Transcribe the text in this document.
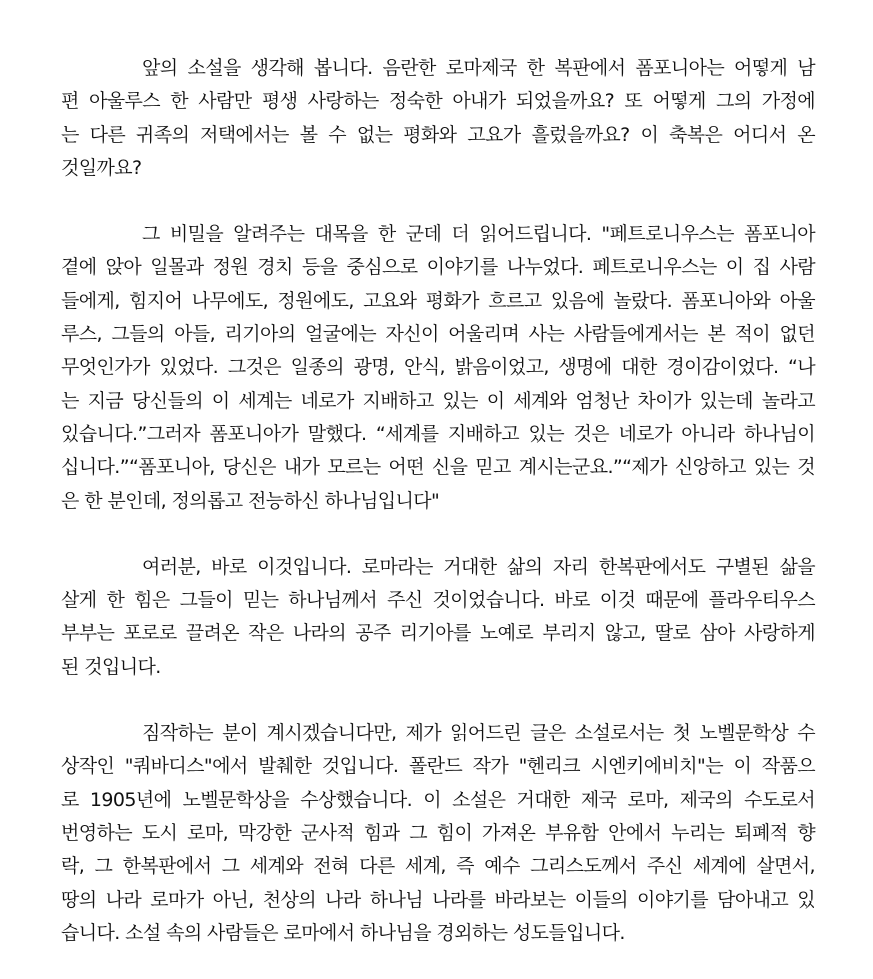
앞의 소설을 생각해 봅니다. 음란한 로마제국 한 복판에서 폼포니아는 어떻게 남
편 아울루스 한 사람만 평생 사랑하는 정숙한 아내가 되었을까요? 또 어떻게 그의 가정에
는 다른 귀족의 저택에서는 볼 수 없는 평화와 고요가 흘렀을까요? 이 축복은 어디서 온
것일까요?
그 비밀을 알려주는 대목을 한 군데 더 읽어드립니다. "페트로니우스는 폼포니아
곁에 앉아 일몰과 정원 경치 등을 중심으로 이야기를 나누었다. 페트로니우스는 이 집 사람
들에게, 힘지어 나무에도, 정원에도, 고요와 평화가 흐르고 있음에 놀랐다. 폼포니아와 아울
루스, 그들의 아들, 리기아의 얼굴에는 자신이 어울리며 사는 사람들에게서는 본 적이 없던
무엇인가가 있었다. 그것은 일종의 광명, 안식, 밝음이었고, 생명에 대한 경이감이었다. “나
는 지금 당신들의 이 세계는 네로가 지배하고 있는 이 세계와 엄청난 차이가 있는데 놀라고
있습니다.”그러자 폼포니아가 말했다. “세계를 지배하고 있는 것은 네로가 아니라 하나님이
십니다.”“폼포니아, 당신은 내가 모르는 어떤 신을 믿고 계시는군요.”“제가 신앙하고 있는 것
은 한 분인데, 정의롭고 전능하신 하나님입니다"
여러분, 바로 이것입니다. 로마라는 거대한 삶의 자리 한복판에서도 구별된 삶을
살게 한 힘은 그들이 믿는 하나님께서 주신 것이었습니다. 바로 이것 때문에 플라우티우스
부부는 포로로 끌려온 작은 나라의 공주 리기아를 노예로 부리지 않고, 딸로 삼아 사랑하게
된 것입니다.
짐작하는 분이 계시겠습니다만, 제가 읽어드린 글은 소설로서는 첫 노벨문학상 수
상작인 "쿼바디스"에서 발췌한 것입니다. 폴란드 작가 "헨리크 시엔키에비치"는 이 작품으
로 1905년에 노벨문학상을 수상했습니다. 이 소설은 거대한 제국 로마, 제국의 수도로서
번영하는 도시 로마, 막강한 군사적 힘과 그 힘이 가져온 부유함 안에서 누리는 퇴폐적 향
락, 그 한복판에서 그 세계와 전혀 다른 세계, 즉 예수 그리스도께서 주신 세계에 살면서,
땅의 나라 로마가 아닌, 천상의 나라 하나님 나라를 바라보는 이들의 이야기를 담아내고 있
습니다. 소설 속의 사람들은 로마에서 하나님을 경외하는 성도들입니다.
